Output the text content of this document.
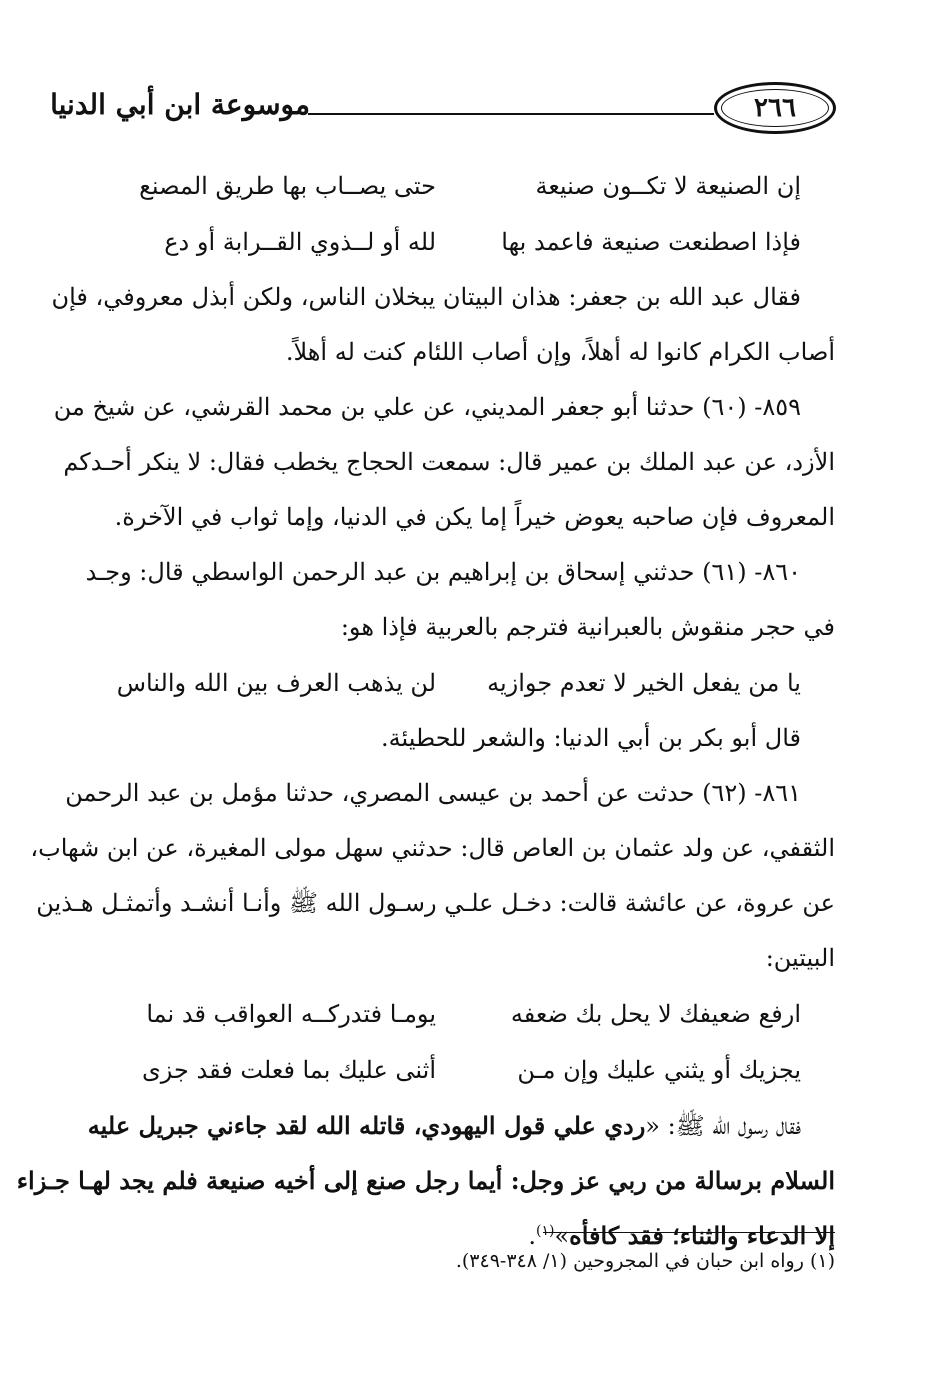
٢٦٦
موسوعة ابن أبي الدنيا
إن الصنيعة لا تكــون صنيعة
حتى يصــاب بها طريق المصنع
فإذا اصطنعت صنيعة فاعمد بها
لله أو لــذوي القــرابة أو دع
فقال عبد الله بن جعفر: هذان البيتان يبخلان الناس، ولكن أبذل معروفي، فإن
أصاب الكرام كانوا له أهلاً، وإن أصاب اللئام كنت له أهلاً.
٨٥٩- (٦٠) حدثنا أبو جعفر المديني، عن علي بن محمد القرشي، عن شيخ من
الأزد، عن عبد الملك بن عمير قال: سمعت الحجاج يخطب فقال: لا ينكر أحـدكم
المعروف فإن صاحبه يعوض خيراً إما يكن في الدنيا، وإما ثواب في الآخرة.
٨٦٠- (٦١) حدثني إسحاق بن إبراهيم بن عبد الرحمن الواسطي قال: وجـد
في حجر منقوش بالعبرانية فترجم بالعربية فإذا هو:
يا من يفعل الخير لا تعدم جوازيه
لن يذهب العرف بين الله والناس
قال أبو بكر بن أبي الدنيا: والشعر للحطيئة.
٨٦١- (٦٢) حدثت عن أحمد بن عيسى المصري، حدثنا مؤمل بن عبد الرحمن
الثقفي، عن ولد عثمان بن العاص قال: حدثني سهل مولى المغيرة، عن ابن شهاب،
عن عروة، عن عائشة قالت: دخـل علـي رسـول الله ﷺ وأنـا أنشـد وأتمثـل هـذين
البيتين:
ارفع ضعيفك لا يحل بك ضعفه
يومـا فتدركــه العواقب قد نما
يجزيك أو يثني عليك وإن مـن
أثنى عليك بما فعلت فقد جزى
فقال رسول الله ﷺ: «ردي علي قول اليهودي، قاتله الله لقد جاءني جبريل عليه
السلام برسالة من ربي عز وجل: أيما رجل صنع إلى أخيه صنيعة فلم يجد لهـا جـزاء
إلا الدعاء والثناء؛ فقد كافأه»$^{(١)}$.
(١) رواه ابن حبان في المجروحين (١/ ٣٤٨-٣٤٩).
